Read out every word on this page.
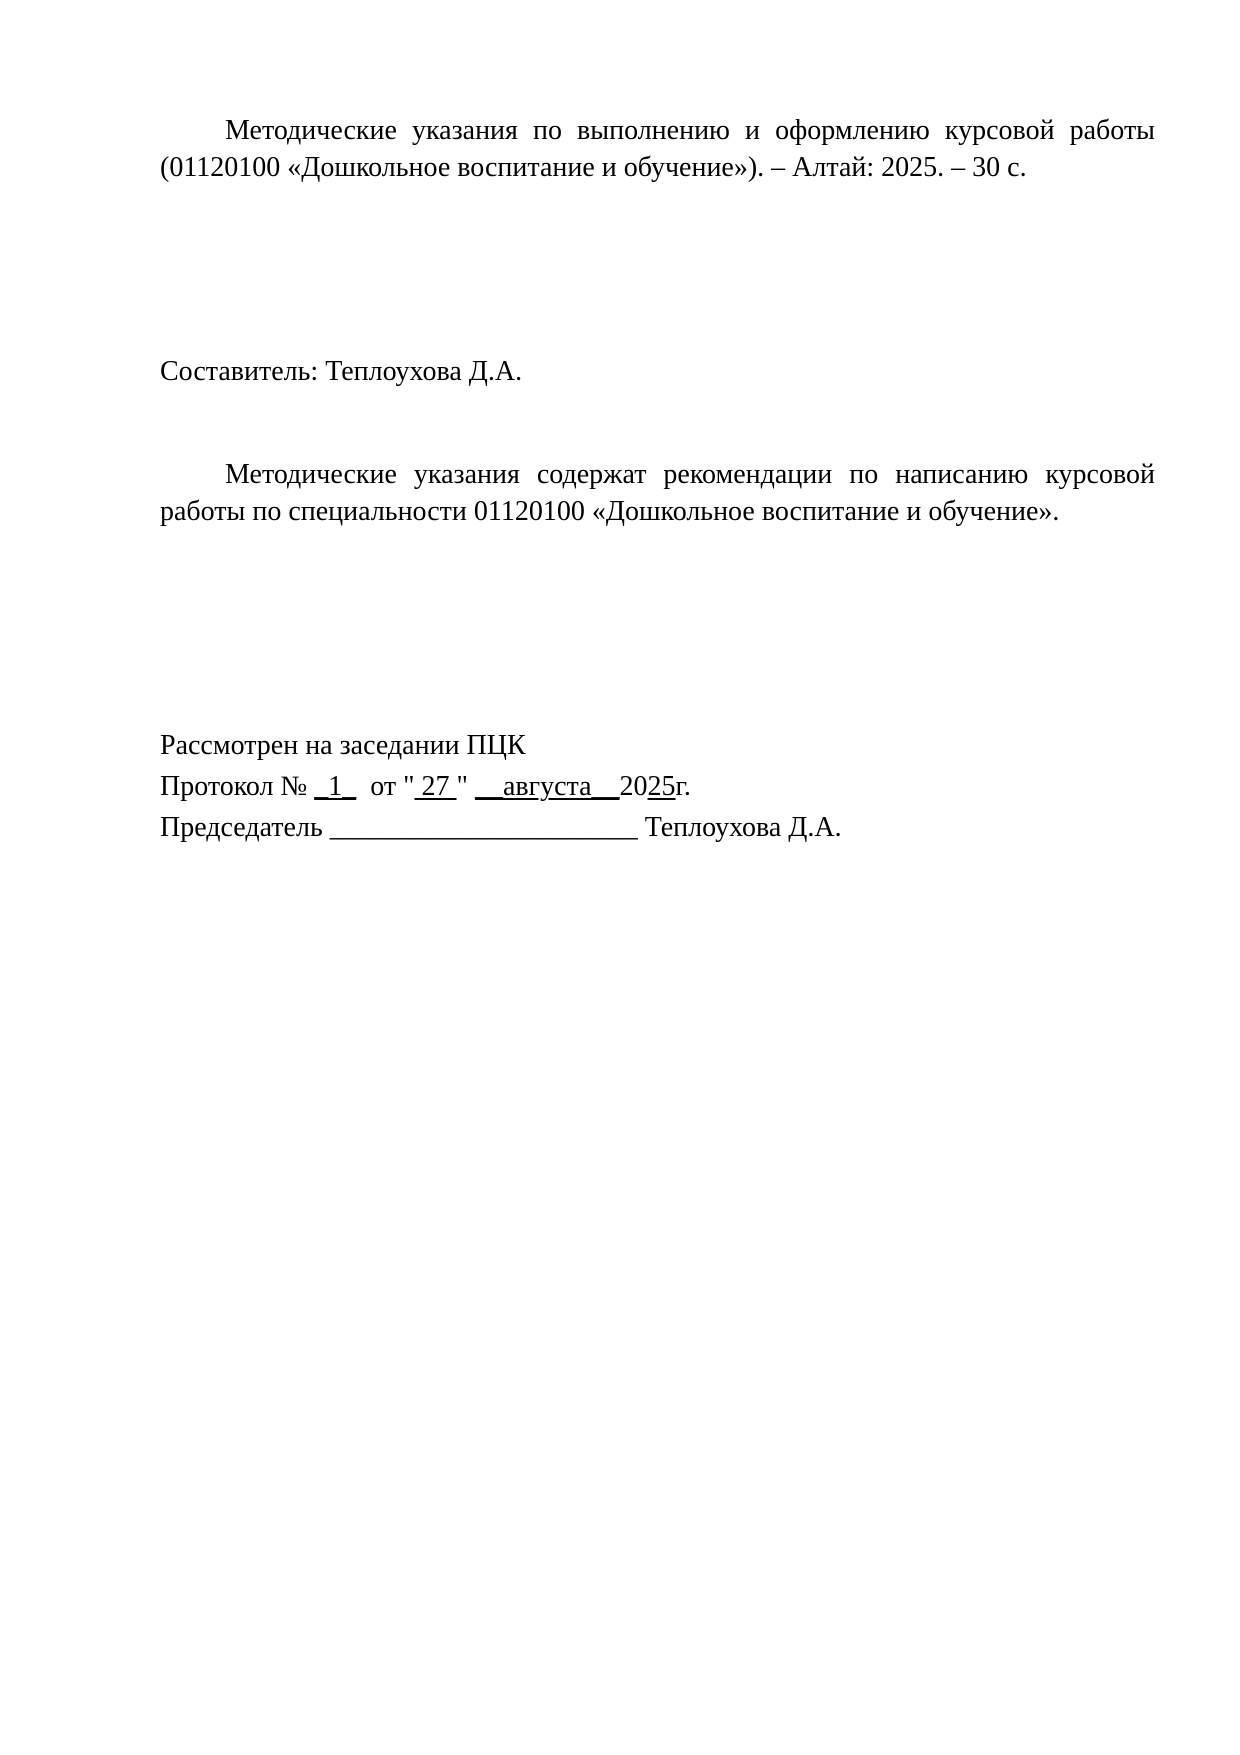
Методические указания по выполнению и оформлению курсовой работы (01120100 «Дошкольное воспитание и обучение»). – Алтай: 2025. – 30 с.

Составитель: Теплоухова Д.А.

Методические указания содержат рекомендации по написанию курсовой работы по специальности 01120100 «Дошкольное воспитание и обучение».

Рассмотрен на заседании ПЦК

Протокол № _1_  от " 27 " __августа__2025г.

Председатель ______________________ Теплоухова Д.А.
